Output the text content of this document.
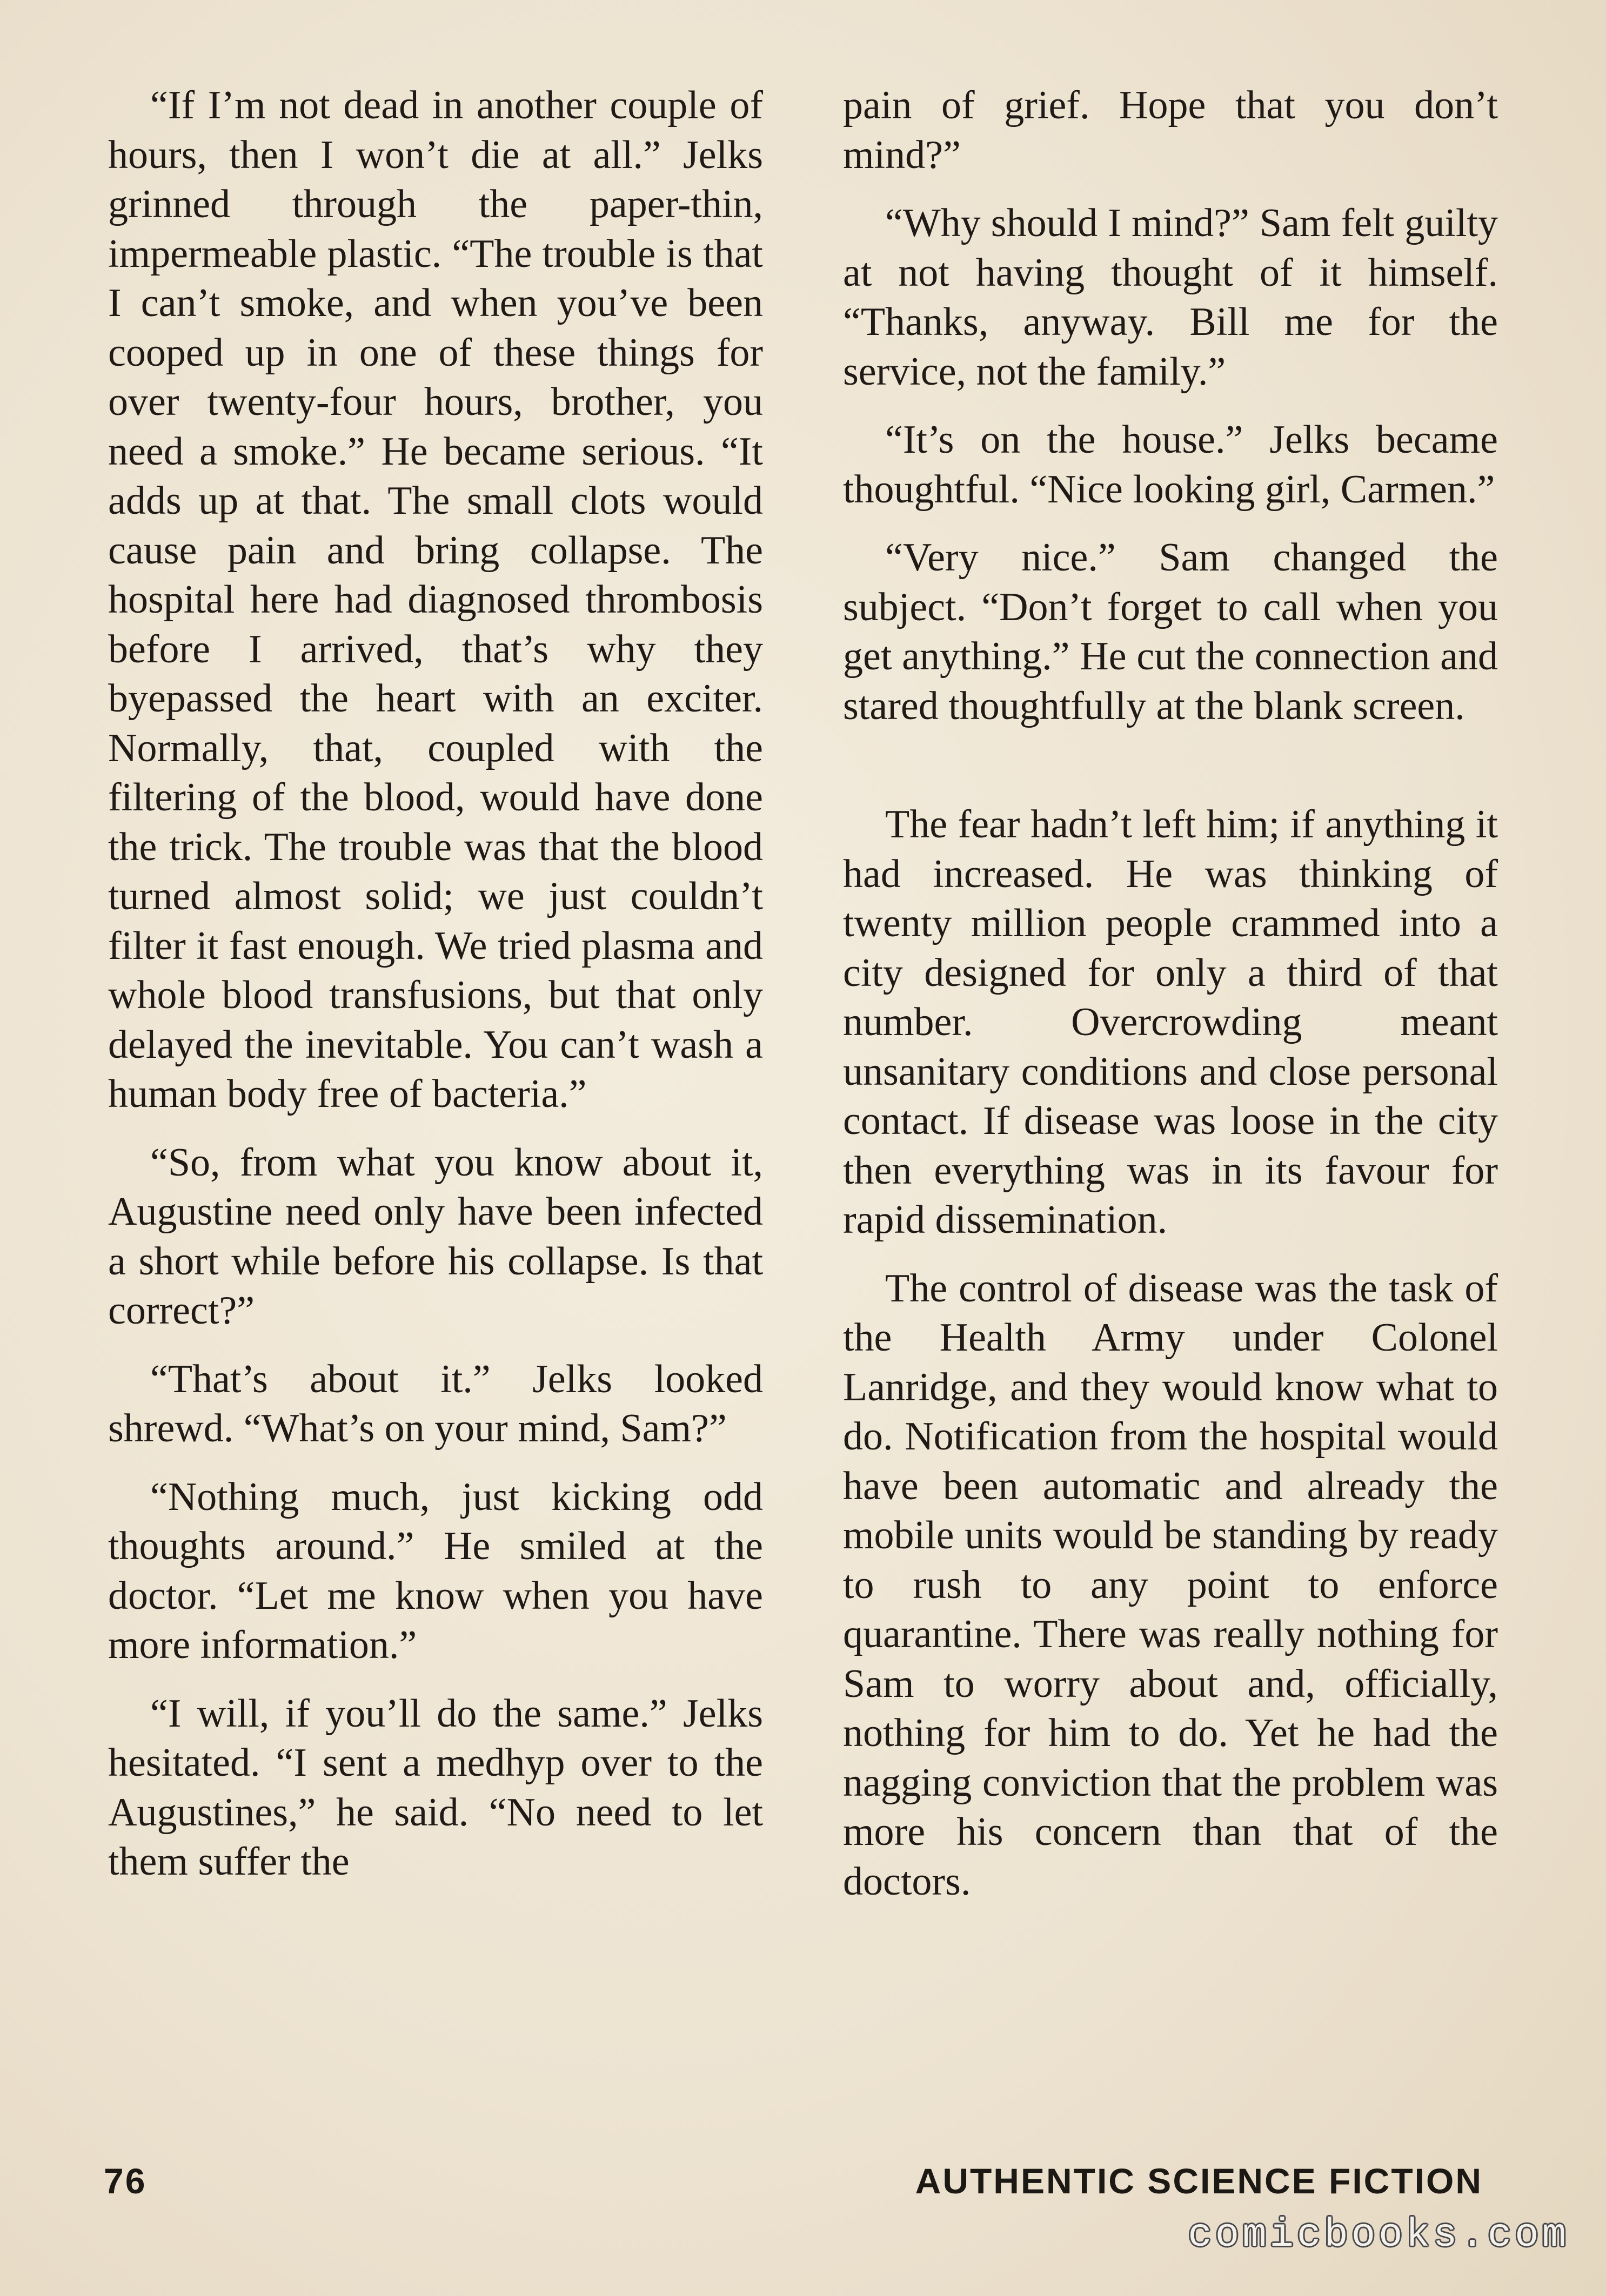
“If I’m not dead in another couple of hours, then I won’t die at all.” Jelks grinned through the paper-thin, impermeable plastic. “The trouble is that I can’t smoke, and when you’ve been cooped up in one of these things for over twenty-four hours, brother, you need a smoke.” He became serious. “It adds up at that. The small clots would cause pain and bring collapse. The hospital here had diagnosed thrombosis before I arrived, that’s why they byepassed the heart with an exciter. Normally, that, coupled with the filtering of the blood, would have done the trick. The trouble was that the blood turned almost solid; we just couldn’t filter it fast enough. We tried plasma and whole blood transfusions, but that only delayed the inevitable. You can’t wash a human body free of bacteria.”

“So, from what you know about it, Augustine need only have been infected a short while before his collapse. Is that correct?”

“That’s about it.” Jelks looked shrewd. “What’s on your mind, Sam?”

“Nothing much, just kicking odd thoughts around.” He smiled at the doctor. “Let me know when you have more information.”

“I will, if you’ll do the same.” Jelks hesitated. “I sent a medhyp over to the Augustines,” he said. “No need to let them suffer the

pain of grief. Hope that you don’t mind?”

“Why should I mind?” Sam felt guilty at not having thought of it himself. “Thanks, anyway. Bill me for the service, not the family.”

“It’s on the house.” Jelks became thoughtful. “Nice looking girl, Carmen.”

“Very nice.” Sam changed the subject. “Don’t forget to call when you get anything.” He cut the connection and stared thoughtfully at the blank screen.

The fear hadn’t left him; if anything it had increased. He was thinking of twenty million people crammed into a city designed for only a third of that number. Overcrowding meant unsanitary conditions and close personal contact. If disease was loose in the city then everything was in its favour for rapid dissemination.

The control of disease was the task of the Health Army under Colonel Lanridge, and they would know what to do. Notification from the hospital would have been automatic and already the mobile units would be standing by ready to rush to any point to enforce quarantine. There was really nothing for Sam to worry about and, officially, nothing for him to do. Yet he had the nagging conviction that the problem was more his concern than that of the doctors.

76	AUTHENTIC SCIENCE FICTION
comicbooks.com
